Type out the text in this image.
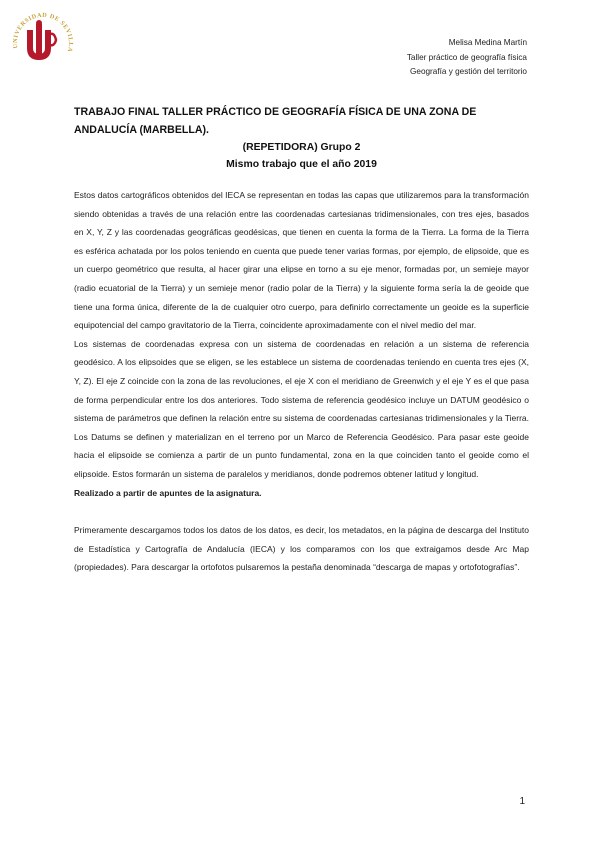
UNIVERSIDAD DE SEVILLA
Melisa Medina Martín
Taller práctico de geografía física
Geografía y gestión del territorio
TRABAJO FINAL TALLER PRÁCTICO DE GEOGRAFÍA FÍSICA DE UNA ZONA DE ANDALUCÍA (MARBELLA).
(REPETIDORA) Grupo 2
Mismo trabajo que el año 2019

Estos datos cartográficos obtenidos del IECA se representan en todas las capas que utilizaremos para la transformación siendo obtenidas a través de una relación entre las coordenadas cartesianas tridimensionales, con tres ejes, basados en X, Y, Z y las coordenadas geográficas geodésicas, que tienen en cuenta la forma de la Tierra. La forma de la Tierra es esférica achatada por los polos teniendo en cuenta que puede tener varias formas, por ejemplo, de elipsoide, que es un cuerpo geométrico que resulta, al hacer girar una elipse en torno a su eje menor, formadas por, un semieje mayor (radio ecuatorial de la Tierra) y un semieje menor (radio polar de la Tierra) y la siguiente forma sería la de geoide que tiene una forma única, diferente de la de cualquier otro cuerpo, para definirlo correctamente un geoide es la superficie equipotencial del campo gravitatorio de la Tierra, coincidente aproximadamente con el nivel medio del mar.

Los sistemas de coordenadas expresa con un sistema de coordenadas en relación a un sistema de referencia geodésico. A los elipsoides que se eligen, se les establece un sistema de coordenadas teniendo en cuenta tres ejes (X, Y, Z). El eje Z coincide con la zona de las revoluciones, el eje X con el meridiano de Greenwich y el eje Y es el que pasa de forma perpendicular entre los dos anteriores. Todo sistema de referencia geodésico incluye un DATUM geodésico o sistema de parámetros que definen la relación entre su sistema de coordenadas cartesianas tridimensionales y la Tierra. Los Datums se definen y materializan en el terreno por un Marco de Referencia Geodésico. Para pasar este geoide hacia el elipsoide se comienza a partir de un punto fundamental, zona en la que coinciden tanto el geoide como el elipsoide. Estos formarán un sistema de paralelos y meridianos, donde podremos obtener latitud y longitud.

Realizado a partir de apuntes de la asignatura.

Primeramente descargamos todos los datos de los datos, es decir, los metadatos, en la página de descarga del Instituto de Estadística y Cartografía de Andalucía (IECA) y los comparamos con los que extraigamos desde Arc Map (propiedades). Para descargar la ortofotos pulsaremos la pestaña denominada “descarga de mapas y ortofotografías”.

1
